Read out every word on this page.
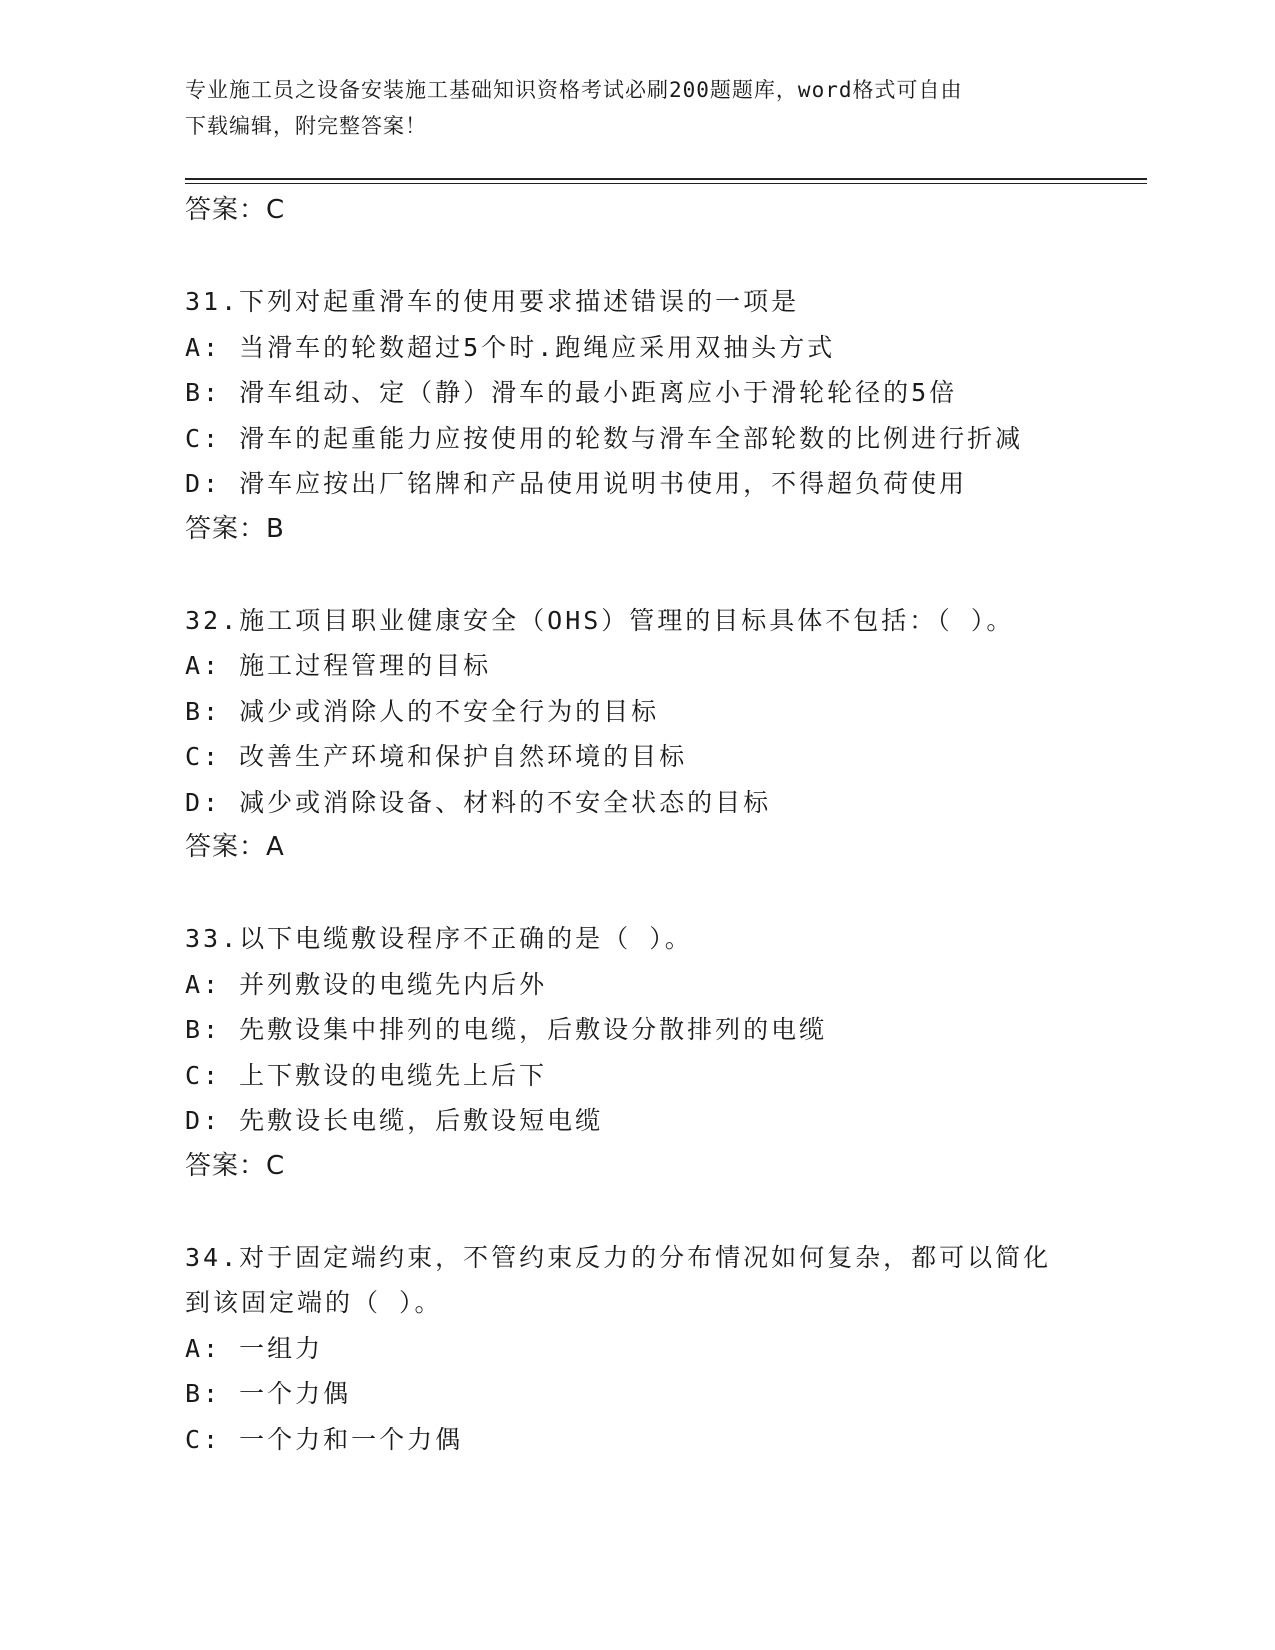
专业施工员之设备安装施工基础知识资格考试必刷200题题库，word格式可自由
下载编辑，附完整答案！
答案：C
31.下列对起重滑车的使用要求描述错误的一项是
A: 当滑车的轮数超过5个时.跑绳应采用双抽头方式
B: 滑车组动、定（静）滑车的最小距离应小于滑轮轮径的5倍
C: 滑车的起重能力应按使用的轮数与滑车全部轮数的比例进行折减
D: 滑车应按出厂铭牌和产品使用说明书使用，不得超负荷使用
答案：B
32.施工项目职业健康安全（OHS）管理的目标具体不包括：（ ）。
A: 施工过程管理的目标
B: 减少或消除人的不安全行为的目标
C: 改善生产环境和保护自然环境的目标
D: 减少或消除设备、材料的不安全状态的目标
答案：A
33.以下电缆敷设程序不正确的是（ ）。
A: 并列敷设的电缆先内后外
B: 先敷设集中排列的电缆，后敷设分散排列的电缆
C: 上下敷设的电缆先上后下
D: 先敷设长电缆，后敷设短电缆
答案：C
34.对于固定端约束，不管约束反力的分布情况如何复杂，都可以简化
到该固定端的（ ）。
A: 一组力
B: 一个力偶
C: 一个力和一个力偶
